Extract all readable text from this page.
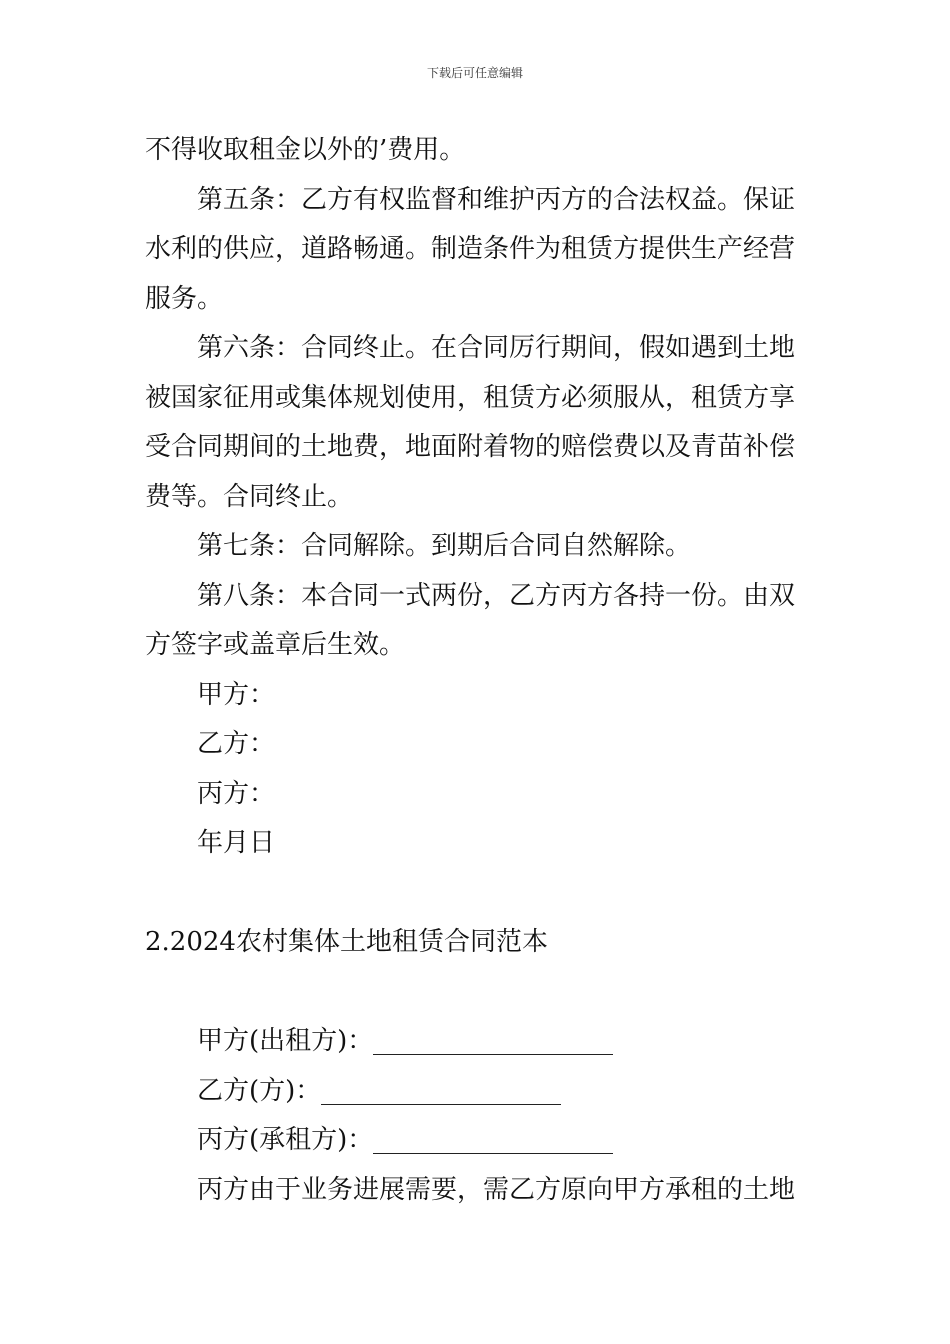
下载后可任意编辑

不得收取租金以外的’费用。

第五条：乙方有权监督和维护丙方的合法权益。保证水利的供应，道路畅通。制造条件为租赁方提供生产经营服务。

第六条：合同终止。在合同厉行期间，假如遇到土地被国家征用或集体规划使用，租赁方必须服从，租赁方享受合同期间的土地费，地面附着物的赔偿费以及青苗补偿费等。合同终止。

第七条：合同解除。到期后合同自然解除。

第八条：本合同一式两份，乙方丙方各持一份。由双方签字或盖章后生效。

甲方：

乙方：

丙方：

年月日

2.2024农村集体土地租赁合同范本

甲方(出租方)：

乙方(方)：

丙方(承租方)：

丙方由于业务进展需要，需乙方原向甲方承租的土地
